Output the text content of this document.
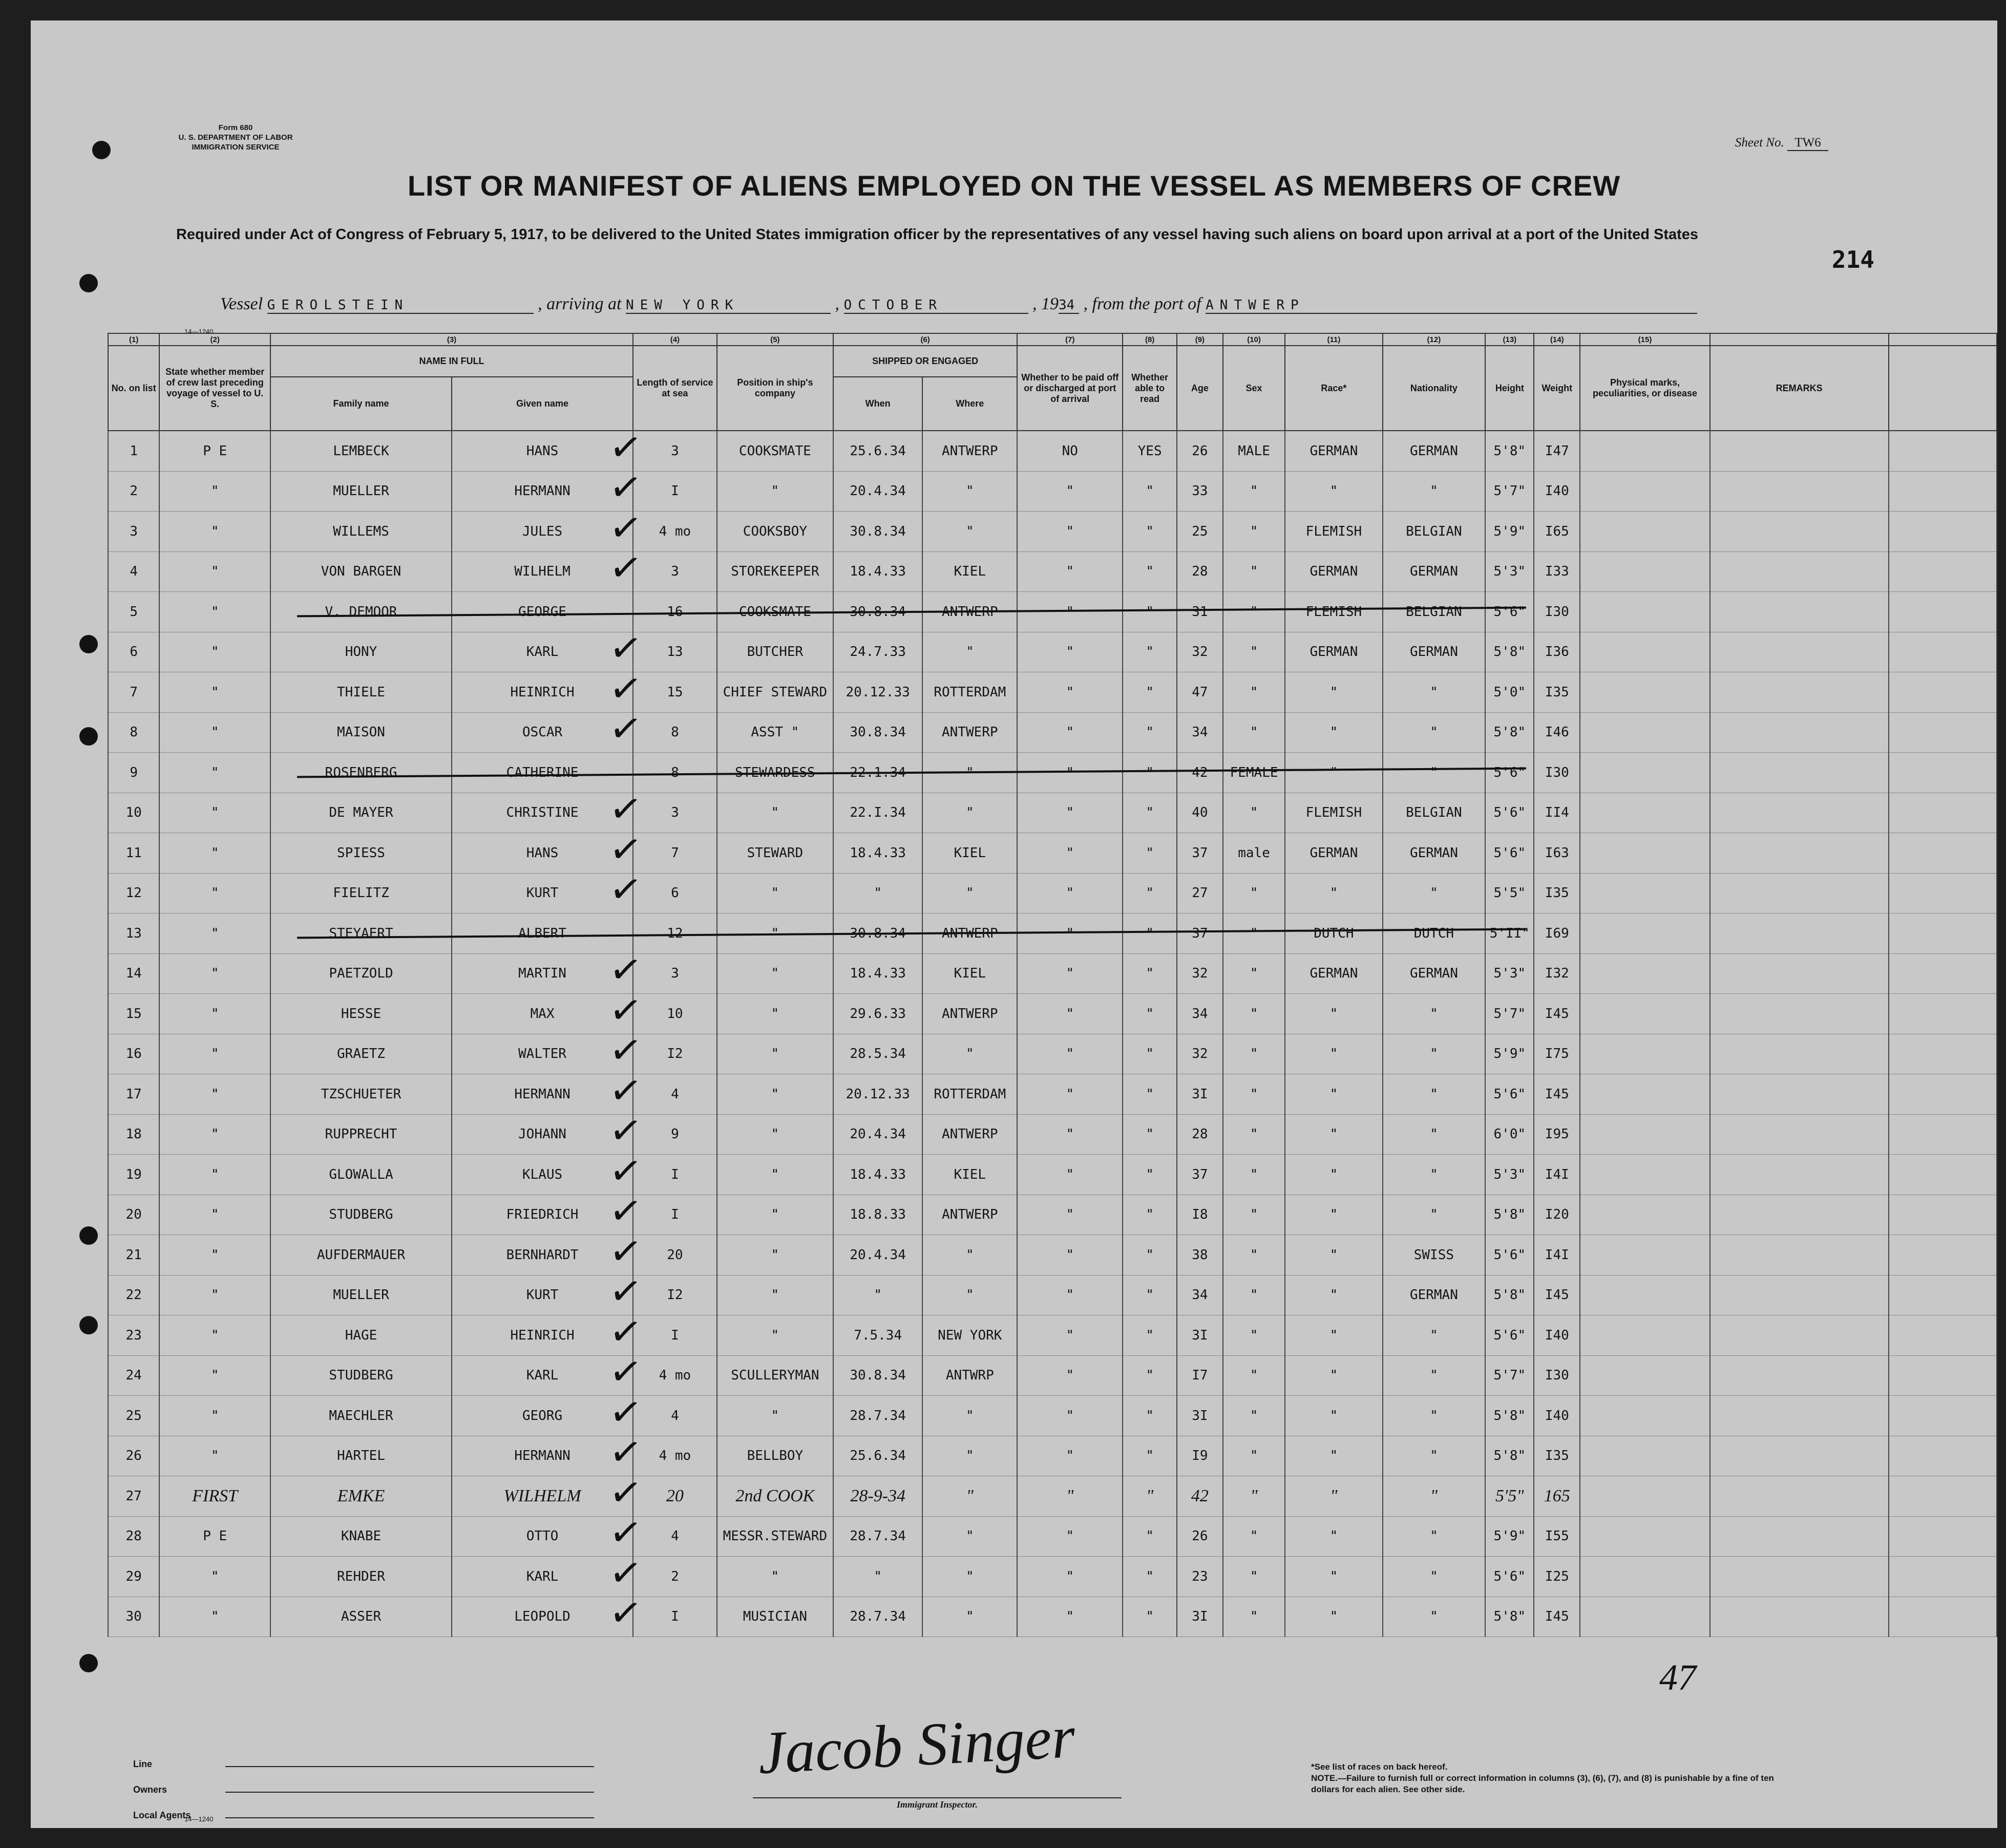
Form 680
U. S. DEPARTMENT OF LABOR
IMMIGRATION SERVICE	Sheet No. TW6
LIST OR MANIFEST OF ALIENS EMPLOYED ON THE VESSEL AS MEMBERS OF CREW
Required under Act of Congress of February 5, 1917, to be delivered to the United States immigration officer by the representatives of any vessel having such aliens on board upon arrival at a port of the United States
214
Vessel GEROLSTEIN	, arriving at NEW YORK	, OCTOBER	, 1934 , from the port of ANTWERP
14—1240
(1)	(2)	(3)		(4)	(5)	(6)		(7)	(8)	(9)	(10)	(11)	(12)	(13)	(14)	(15)		
No. on list	State whether member of crew last preceding voyage of vessel to U. S.	NAME IN FULL		Length of service at sea	Position in ship's company	SHIPPED OR ENGAGED		Whether to be paid off or discharged at port of arrival	Whether able to read	Age	Sex	Race*	Nationality	Height	Weight	Physical marks, peculiarities, or disease	REMARKS	
		Family name	Given name			When	Where											
1	P E	LEMBECK	HANS	3	COOKSMATE	25.6.34	ANTWERP	NO	YES	26	MALE	GERMAN	GERMAN	5'8"	I47			
2	"	MUELLER	HERMANN	I	"	20.4.34	"	"	"	33	"	"	"	5'7"	I40			
3	"	WILLEMS	JULES	4 mo	COOKSBOY	30.8.34	"	"	"	25	"	FLEMISH	BELGIAN	5'9"	I65			
4	"	VON BARGEN	WILHELM	3	STOREKEEPER	18.4.33	KIEL	"	"	28	"	GERMAN	GERMAN	5'3"	I33			
5	"	V. DEMOOR	GEORGE	16					"	31	"	FLEMISH	BELGIAN	5'6"	I30			
6	"	HONY	KARL	13	BUTCHER	24.7.33	"	"	"	32	"	GERMAN	GERMAN	5'8"	I36			
7	"	THIELE	HEINRICH	15	CHIEF STEWARD	20.12.33	ROTTERDAM	"	"	47	"	"	"	5'0"	I35			
8	"	MAISON	OSCAR	8	ASST "	30.8.34	ANTWERP	"	"	34	"	"	"	5'8"	I46			
9	"	ROSENBERG	CATHERINE	8					"	42	FEMALE	"	"	5'6"	I30			
10	"	DE MAYER	CHRISTINE	3	"	22.I.34	"	"	"	40	"	FLEMISH	BELGIAN	5'6"	II4			
11	"	SPIESS	HANS	7	STEWARD	18.4.33	KIEL	"	"	37	male	GERMAN	GERMAN	5'6"	I63			
12	"	FIELITZ	KURT	6	"	"	"	"	"	27	"	"	"	5'5"	I35			
13	"	STEYAERT	ALBERT	12					"	37	"	DUTCH	DUTCH	5'II"	I69			
14	"	PAETZOLD	MARTIN	3	"	18.4.33	KIEL	"	"	32	"	GERMAN	GERMAN	5'3"	I32			
15	"	HESSE	MAX	10	"	29.6.33	ANTWERP	"	"	34	"	"	"	5'7"	I45			
16	"	GRAETZ	WALTER	I2	"	28.5.34	"	"	"	32	"	"	"	5'9"	I75			
17	"	TZSCHUETER	HERMANN	4	"	20.12.33	ROTTERDAM	"	"	3I	"	"	"	5'6"	I45			
18	"	RUPPRECHT	JOHANN	9	"	20.4.34	ANTWERP	"	"	28	"	"	"	6'0"	I95			
19	"	GLOWALLA	KLAUS	I	"	18.4.33	KIEL	"	"	37	"	"	"	5'3"	I4I			
20	"	STUDBERG	FRIEDRICH	I	"	18.8.33	ANTWERP	"	"	I8	"	"	"	5'8"	I20			
21	"	AUFDERMAUER	BERNHARDT	20	"	20.4.34	"	"	"	38	"	"	SWISS	5'6"	I4I			
22	"	MUELLER	KURT	I2	"	"	"	"	"	34	"	"	GERMAN	5'8"	I45			
23	"	HAGE	HEINRICH	I	"	7.5.34	NEW YORK	"	"	3I	"	"	"	5'6"	I40			
24	"	STUDBERG	KARL	4 mo	SCULLERYMAN	30.8.34	ANTWRP	"	"	I7	"	"	"	5'7"	I30			
25	"	MAECHLER	GEORG	4	"	28.7.34	"	"	"	3I	"	"	"	5'8"	I40			
26	"	HARTEL	HERMANN	4 mo	BELLBOY	25.6.34	"	"	"	I9	"	"	"	5'8"	I35			
27	FIRST	EMKE	WILHELM	20	2nd COOK	28-9-34	"	"	"	42	"	"	"	5'5"	165			
28	P E	KNABE	OTTO	4	MESSR.STEWARD	28.7.34	"	"	"	26	"	"	"	5'9"	I55			
29	"	REHDER	KARL	2	"	"	"	"	"	23	"	"	"	5'6"	I25			
30	"	ASSER	LEOPOLD	I	MUSICIAN	28.7.34	"	"	"	3I	"	"	"	5'8"	I45			
✓
✓
✓
✓
✓
✓
✓
✓
✓
✓
✓
✓
✓
✓
✓
✓
✓
✓
✓
✓
✓
✓
✓
✓
✓
✓
✓
Line
Owners
Local Agents
14—1240
Jacob Singer
Immigrant Inspector.
*See list of races on back hereof.
NOTE.—Failure to furnish full or correct information in columns (3), (6), (7), and (8) is punishable by a fine of ten dollars for each alien. See other side.
47
